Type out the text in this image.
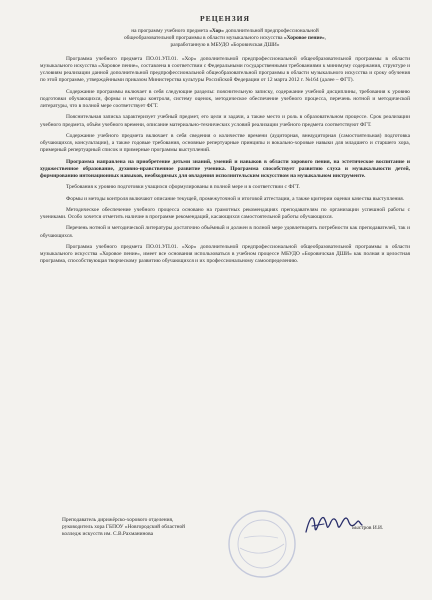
РЕЦЕНЗИЯ
на программу учебного предмета «Хор» дополнительной предпрофессиональной
общеобразовательной программы в области музыкального искусства «Хоровое пение»,
разработанную в МБУДО «Боровичская ДШИ»

Программа учебного предмета ПО.01.УП.01. «Хор» дополнительной предпрофессиональной общеобразовательной программы в области музыкального искусства «Хоровое пение», составлена в соответствии с Федеральными государственными требованиями к минимуму содержания, структуре и условиям реализации данной дополнительной предпрофессиональной общеобразовательной программы в области музыкального искусства и сроку обучения по этой программе, утверждёнными приказом Министерства культуры Российской Федерации от 12 марта 2012 г. №164 (далее – ФГТ).

Содержание программы включает в себя следующие разделы: пояснительную записку, содержание учебной дисциплины, требования к уровню подготовки обучающихся, формы и методы контроля, систему оценок, методическое обеспечение учебного процесса, перечень нотной и методической литературы, что в полной мере соответствует ФГТ.

Пояснительная записка характеризует учебный предмет, его цели и задачи, а также место и роль в образовательном процессе. Срок реализации учебного предмета, объём учебного времени, описание материально-технических условий реализации учебного предмета соответствуют ФГТ.

Содержание учебного предмета включает в себя сведения о количестве времени (аудиторная, внеаудиторная (самостоятельная) подготовка обучающихся, консультации), а также годовые требования, основные репертуарные принципы и вокально-хоровые навыки для младшего и старшего хора, примерный репертуарный список и примерные программы выступлений.

Программа направлена на приобретение детьми знаний, умений и навыков в области хорового пения, на эстетическое воспитание и художественное образование, духовно-нравственное развитие ученика. Программа способствует развитию слуха и музыкальности детей, формированию интонационных навыков, необходимых для овладения исполнительским искусством на музыкальном инструменте.

Требования к уровню подготовки учащихся сформулированы в полной мере и в соответствии с ФГТ.

Формы и методы контроля включают описание текущей, промежуточной и итоговой аттестации, а также критерии оценки качества выступления.

Методическое обеспечение учебного процесса основано на грамотных рекомендациях преподавателям по организации успешной работы с учениками. Особо хочется отметить наличие в программе рекомендаций, касающихся самостоятельной работы обучающихся.

Перечень нотной и методической литературы достаточно объёмный и должен в полной мере удовлетворять потребности как преподавателей, так и обучающихся.

Программа учебного предмета ПО.01.УП.01. «Хор» дополнительной предпрофессиональной общеобразовательной программы в области музыкального искусства «Хоровое пение», имеет все основания использоваться в учебном процессе МБУДО «Боровичская ДШИ» как полная и целостная программа, способствующая творческому развитию обучающихся и их профессиональному самоопределению.

Преподаватель дирижёрско-хорового отделения,
руководитель хора ГБПОУ «Новгородский областной
колледж искусств им. С.В.Рахманинова
Быстров И.И.
